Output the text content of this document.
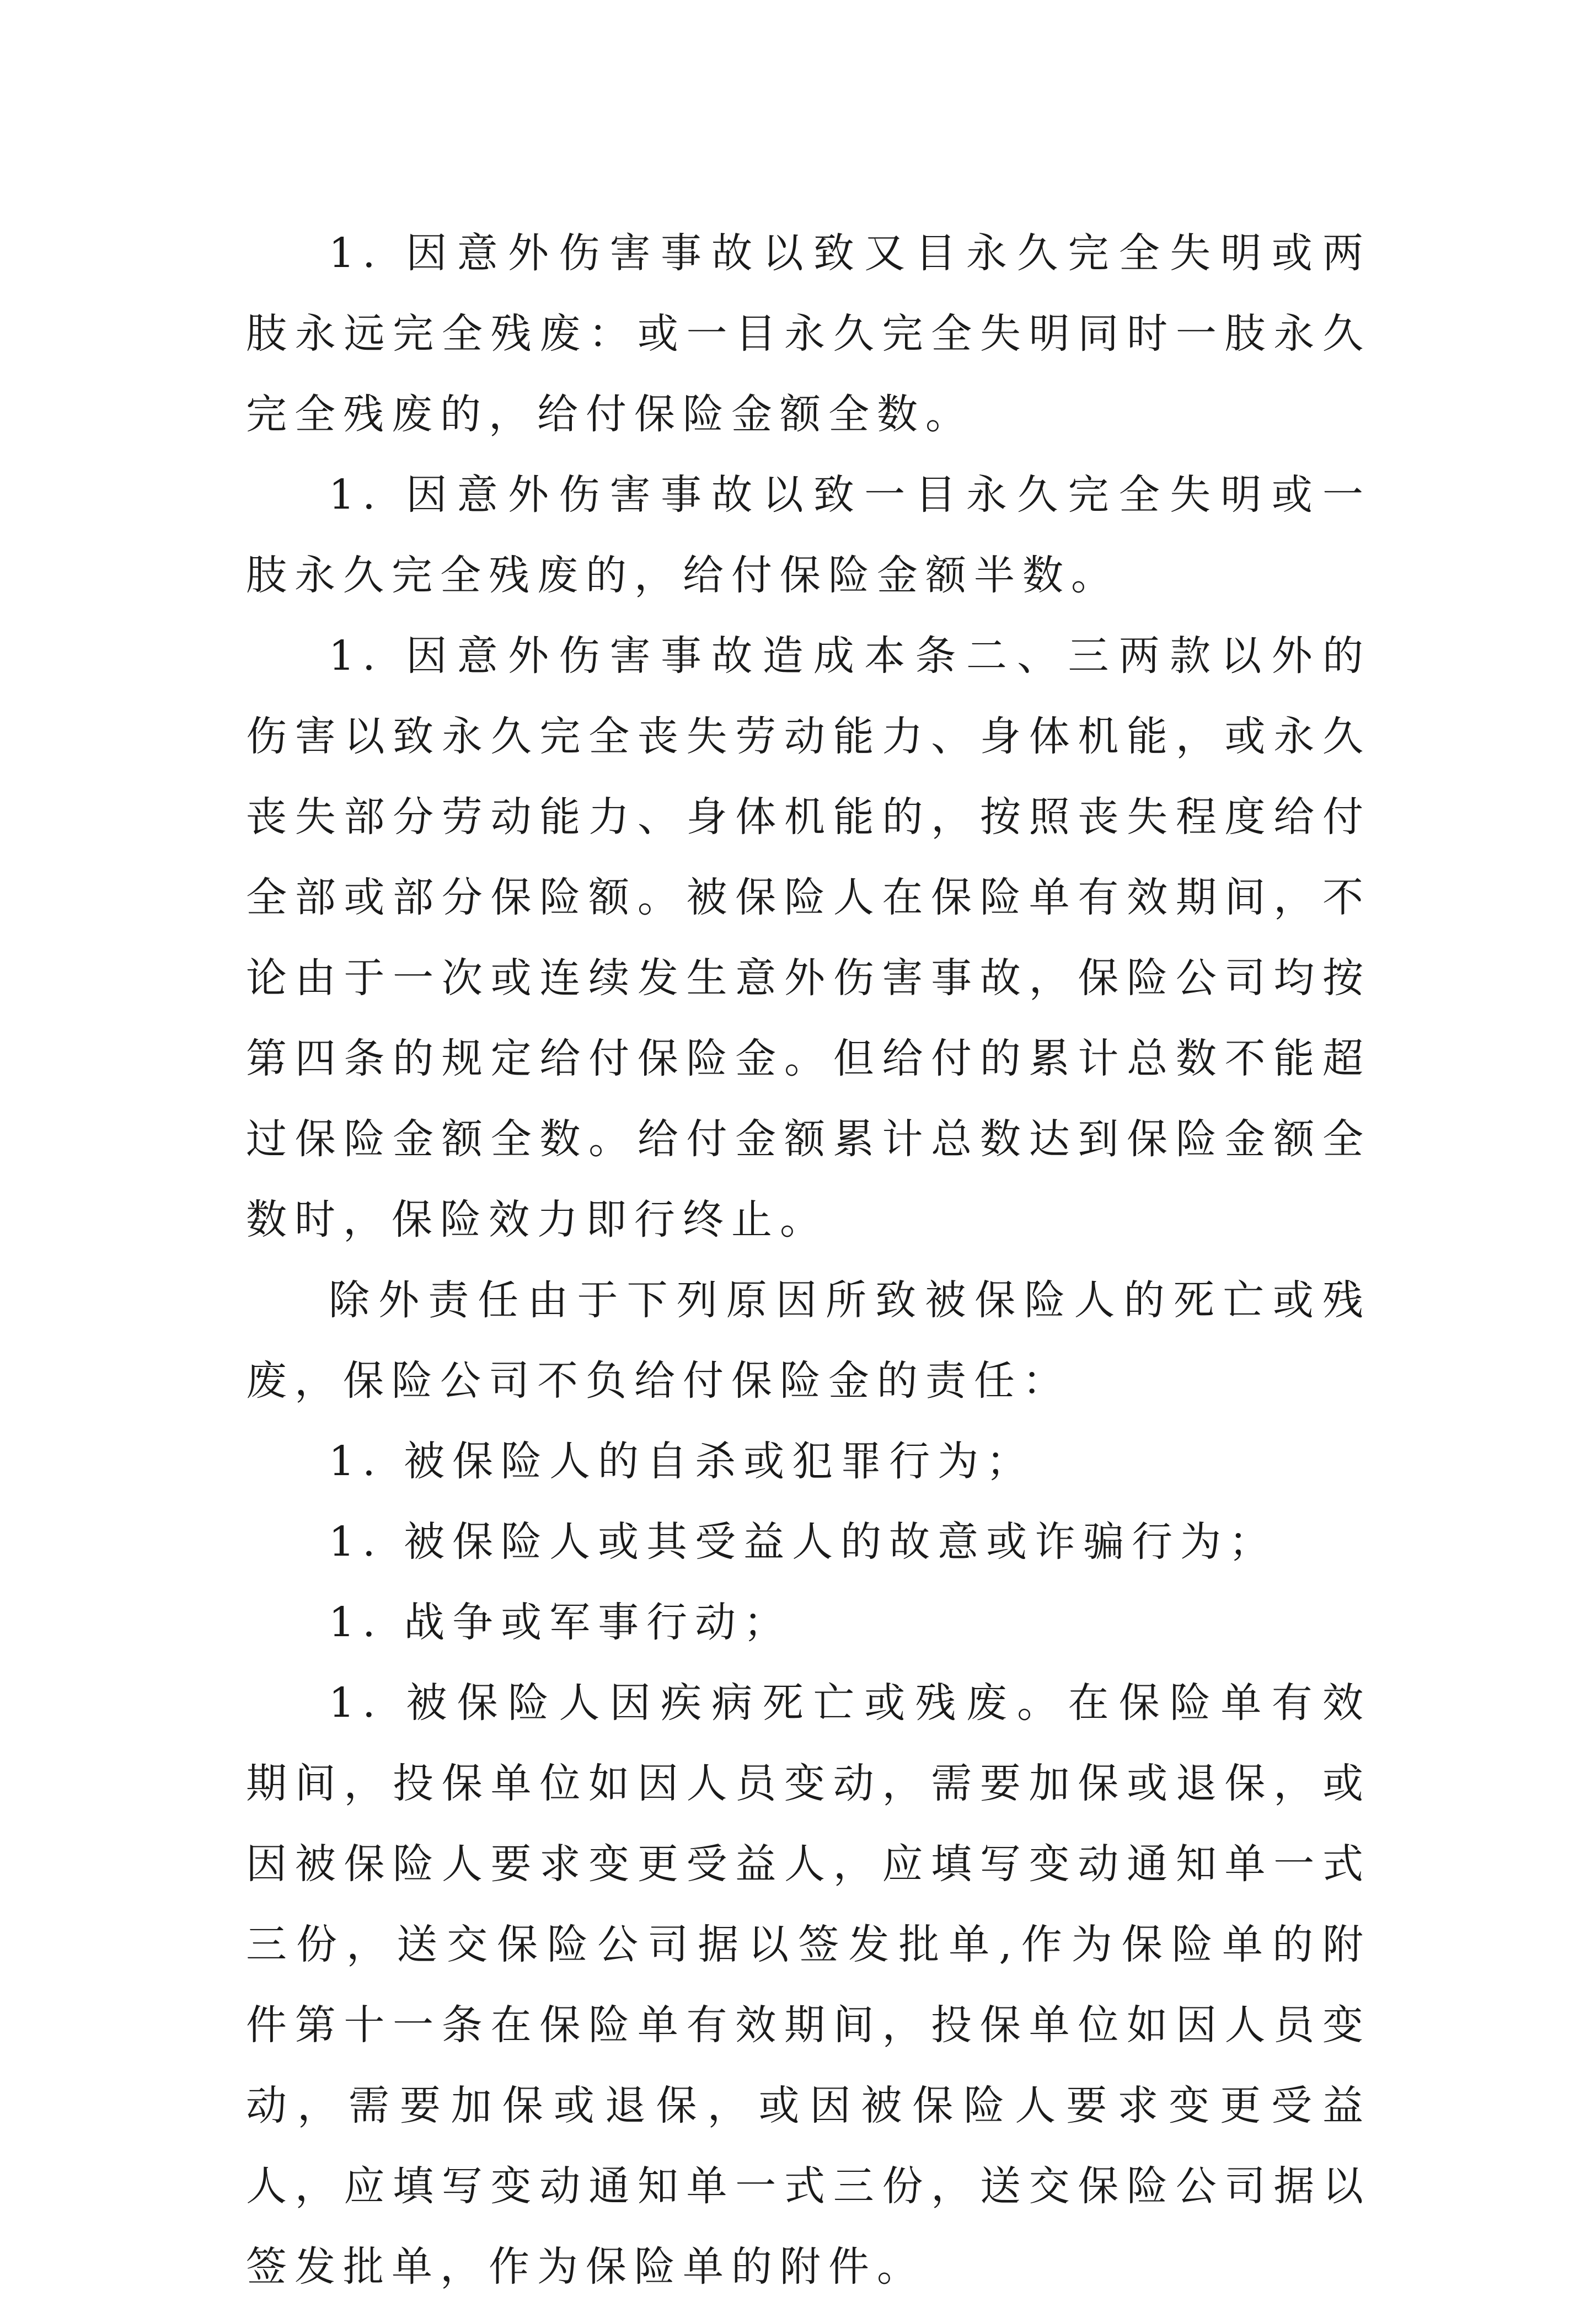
1. 因意外伤害事故以致又目永久完全失明或两肢永远完全残废：或一目永久完全失明同时一肢永久完全残废的，给付保险金额全数。

1. 因意外伤害事故以致一目永久完全失明或一肢永久完全残废的，给付保险金额半数。

1. 因意外伤害事故造成本条二、三两款以外的伤害以致永久完全丧失劳动能力、身体机能，或永久丧失部分劳动能力、身体机能的，按照丧失程度给付全部或部分保险额。被保险人在保险单有效期间，不论由于一次或连续发生意外伤害事故，保险公司均按第四条的规定给付保险金。但给付的累计总数不能超过保险金额全数。给付金额累计总数达到保险金额全数时，保险效力即行终止。

除外责任由于下列原因所致被保险人的死亡或残废，保险公司不负给付保险金的责任：

1. 被保险人的自杀或犯罪行为；

1. 被保险人或其受益人的故意或诈骗行为；

1. 战争或军事行动；

1. 被保险人因疾病死亡或残废。在保险单有效期间，投保单位如因人员变动，需要加保或退保，或因被保险人要求变更受益人，应填写变动通知单一式三份，送交保险公司据以签发批单,作为保险单的附件第十一条在保险单有效期间，投保单位如因人员变动，需要加保或退保，或因被保险人要求变更受益人，应填写变动通知单一式三份，送交保险公司据以签发批单，作为保险单的附件。
